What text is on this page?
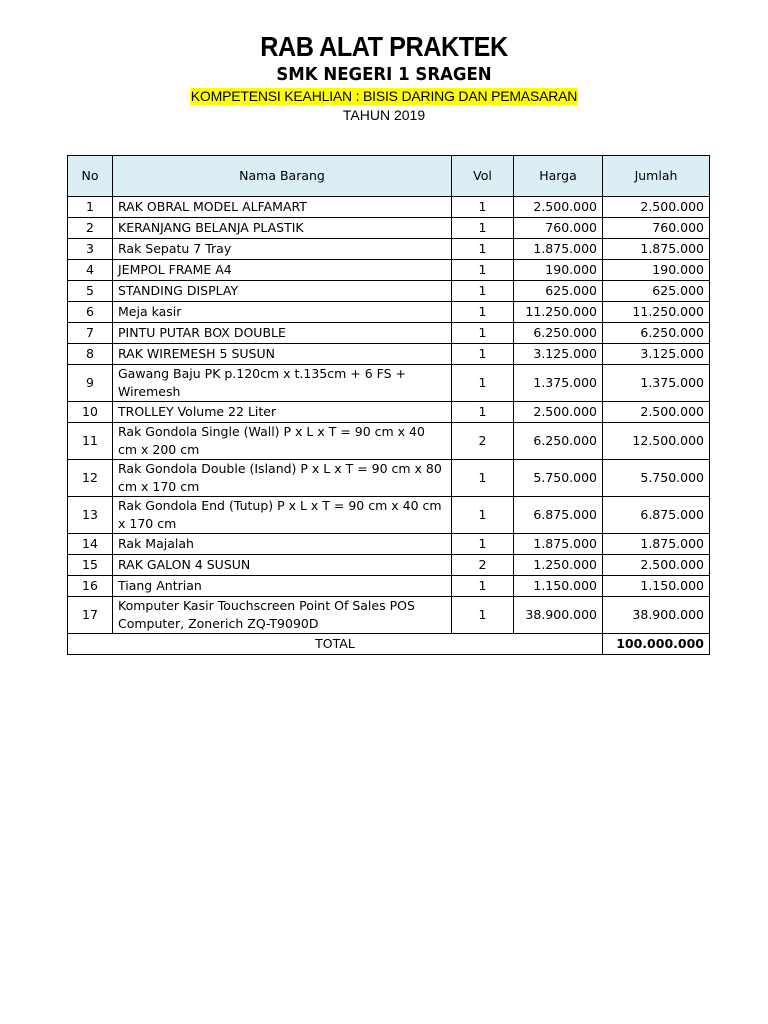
RAB ALAT PRAKTEK
SMK NEGERI 1 SRAGEN
KOMPETENSI KEAHLIAN : BISIS DARING DAN PEMASARAN
TAHUN 2019
No	Nama Barang	Vol	Harga	Jumlah
1	RAK OBRAL MODEL ALFAMART	1	2.500.000	2.500.000
2	KERANJANG BELANJA PLASTIK	1	760.000	760.000
3	Rak Sepatu 7 Tray	1	1.875.000	1.875.000
4	JEMPOL FRAME A4	1	190.000	190.000
5	STANDING DISPLAY	1	625.000	625.000
6	Meja kasir	1	11.250.000	11.250.000
7	PINTU PUTAR BOX DOUBLE	1	6.250.000	6.250.000
8	RAK WIREMESH 5 SUSUN	1	3.125.000	3.125.000
9	Gawang Baju PK p.120cm x t.135cm + 6 FS + Wiremesh	1	1.375.000	1.375.000
10	TROLLEY Volume 22 Liter	1	2.500.000	2.500.000
11	Rak Gondola Single (Wall) P x L x T = 90 cm x 40 cm x 200 cm	2	6.250.000	12.500.000
12	Rak Gondola Double (Island) P x L x T = 90 cm x 80 cm x 170 cm	1	5.750.000	5.750.000
13	Rak Gondola End (Tutup) P x L x T = 90 cm x 40 cm x 170 cm	1	6.875.000	6.875.000
14	Rak Majalah	1	1.875.000	1.875.000
15	RAK GALON 4 SUSUN	2	1.250.000	2.500.000
16	Tiang Antrian	1	1.150.000	1.150.000
17	Komputer Kasir Touchscreen Point Of Sales POS Computer, Zonerich ZQ-T9090D	1	38.900.000	38.900.000
TOTAL				100.000.000
